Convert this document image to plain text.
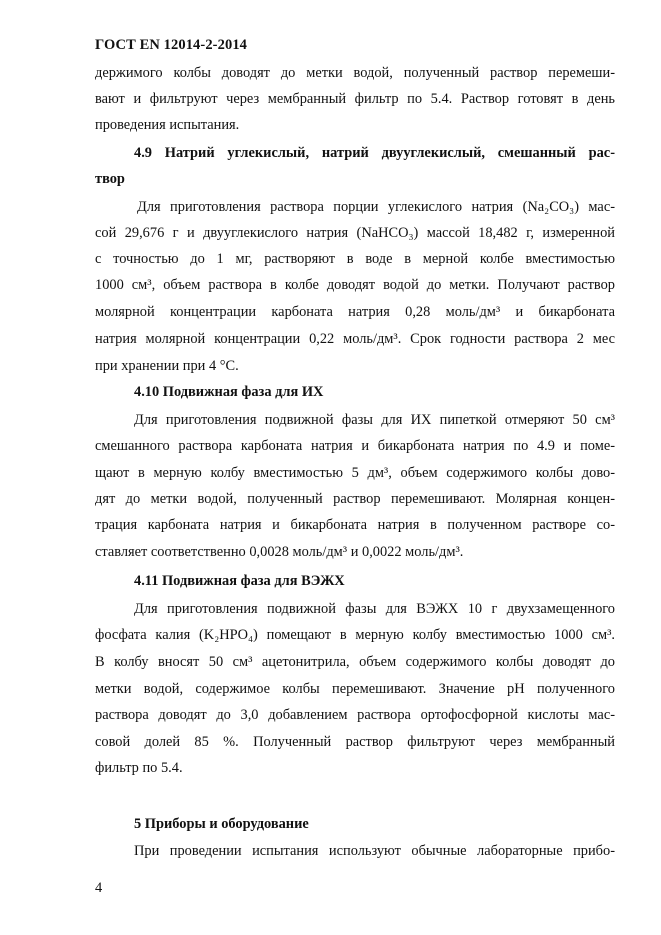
ГОСТ EN 12014-2-2014
держимого колбы доводят до метки водой, полученный раствор перемеши-
вают и фильтруют через мембранный фильтр по 5.4. Раствор готовят в день
проведения испытания.
4.9 Натрий углекислый, натрий двууглекислый, смешанный рас-
твор
Для приготовления раствора порции углекислого натрия (Na₂CO₃) мас-
сой 29,676 г и двууглекислого натрия (NaHCO₃) массой 18,482 г, измеренной
с точностью до 1 мг, растворяют в воде в мерной колбе вместимостью
1000 см³, объем раствора в колбе доводят водой до метки. Получают раствор
молярной концентрации карбоната натрия 0,28 моль/дм³ и бикарбоната
натрия молярной концентрации 0,22 моль/дм³. Срок годности раствора 2 мес
при хранении при 4 °С.
4.10 Подвижная фаза для ИХ
Для приготовления подвижной фазы для ИХ пипеткой отмеряют 50 см³
смешанного раствора карбоната натрия и бикарбоната натрия по 4.9 и поме-
щают в мерную колбу вместимостью 5 дм³, объем содержимого колбы дово-
дят до метки водой, полученный раствор перемешивают. Молярная концен-
трация карбоната натрия и бикарбоната натрия в полученном растворе со-
ставляет соответственно 0,0028 моль/дм³ и 0,0022 моль/дм³.
4.11 Подвижная фаза для ВЭЖХ
Для приготовления подвижной фазы для ВЭЖХ 10 г двухзамещенного
фосфата калия (K₂HPO₄) помещают в мерную колбу вместимостью 1000 см³.
В колбу вносят 50 см³ ацетонитрила, объем содержимого колбы доводят до
метки водой, содержимое колбы перемешивают. Значение pH полученного
раствора доводят до 3,0 добавлением раствора ортофосфорной кислоты мас-
совой долей 85 %. Полученный раствор фильтруют через мембранный
фильтр по 5.4.
5 Приборы и оборудование
При проведении испытания используют обычные лабораторные прибо-
4
